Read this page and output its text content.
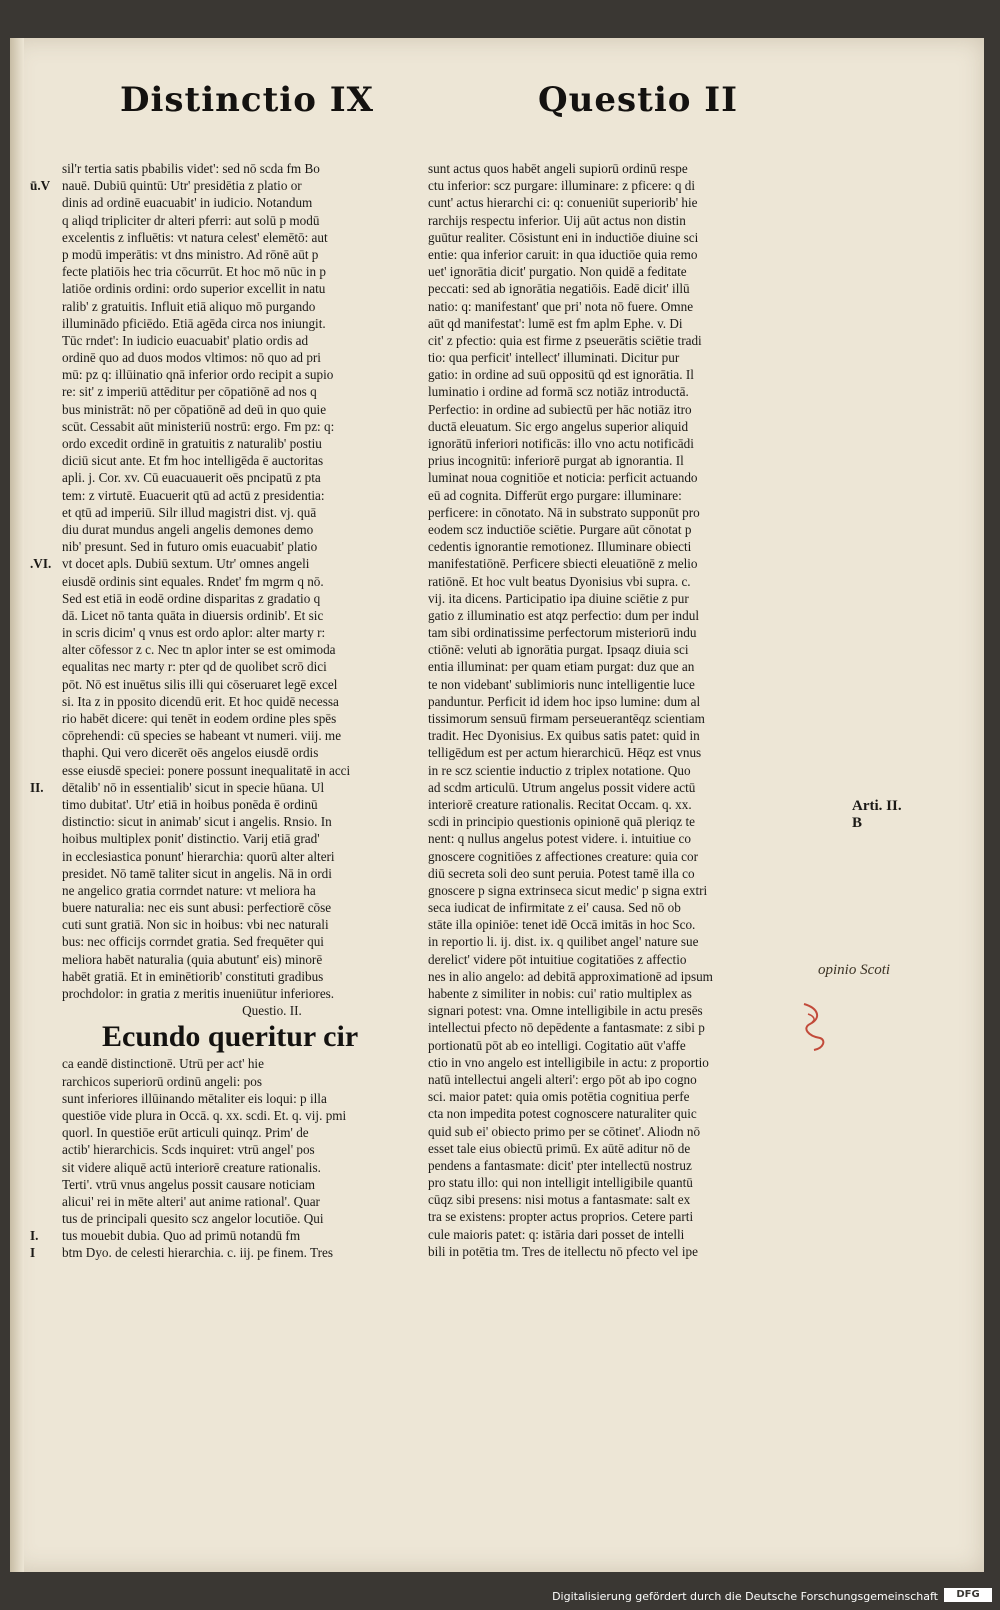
Distinctio IX	Questio II
sil'r tertia satis pbabilis videt': sed nō scda fm Bo
ū.V nauē. Dubiū quintū: Utr' presidētia z platio or
dinis ad ordinē euacuabit' in iudicio. Notandum
q aliqd tripliciter dr alteri pferri: aut solū p modū
excelentis z influētis: vt natura celest' elemētō: aut
p modū imperātis: vt dns ministro. Ad rōnē aūt p
fecte platiōis hec tria cōcurrūt. Et hoc mō nūc in p
latiōe ordinis ordini: ordo superior excellit in natu
ralib' z gratuitis. Influit etiā aliquo mō purgando
illuminādo pficiēdo. Etiā agēda circa nos iniungit.
Tūc rndet': In iudicio euacuabit' platio ordis ad
ordinē quo ad duos modos vltimos: nō quo ad pri
mū: pz q: illūinatio qnā inferior ordo recipit a supio
re: sit' z imperiū attēditur per cōpatiōnē ad nos q
bus ministrāt: nō per cōpatiōnē ad deū in quo quie
scūt. Cessabit aūt ministeriū nostrū: ergo. Fm pz: q:
ordo excedit ordinē in gratuitis z naturalib' postiu
diciū sicut ante. Et fm hoc intelligēda ē auctoritas
apli. j. Cor. xv. Cū euacuauerit oēs pncipatū z pta
tem: z virtutē. Euacuerit qtū ad actū z presidentia:
et qtū ad imperiū. Silr illud magistri dist. vj. quā
diu durat mundus angeli angelis demones demo
nib' presunt. Sed in futuro omis euacuabit' platio
.VI. vt docet apls. Dubiū sextum. Utr' omnes angeli
eiusdē ordinis sint equales. Rndet' fm mgrm q nō.
Sed est etiā in eodē ordine disparitas z gradatio q
dā. Licet nō tanta quāta in diuersis ordinib'. Et sic
in scris dicim' q vnus est ordo aplor: alter marty r:
alter cōfessor z c. Nec tn aplor inter se est omimoda
equalitas nec marty r: pter qd de quolibet scrō dici
pōt. Nō est inuētus silis illi qui cōseruaret legē excel
si. Ita z in pposito dicendū erit. Et hoc quidē necessa
rio habēt dicere: qui tenēt in eodem ordine ples spēs
cōprehendi: cū species se habeant vt numeri. viij. me
thaphi. Qui vero dicerēt oēs angelos eiusdē ordis
esse eiusdē speciei: ponere possunt inequalitatē in acci
II. dētalib' nō in essentialib' sicut in specie hūana. Ul
timo dubitat'. Utr' etiā in hoibus ponēda ē ordinū
distinctio: sicut in animab' sicut i angelis. Rnsio. In
hoibus multiplex ponit' distinctio. Varij etiā grad'
in ecclesiastica ponunt' hierarchia: quorū alter alteri
presidet. Nō tamē taliter sicut in angelis. Nā in ordi
ne angelico gratia corrndet nature: vt meliora ha
buere naturalia: nec eis sunt abusi: perfectiorē cōse
cuti sunt gratiā. Non sic in hoibus: vbi nec naturali
bus: nec officijs corrndet gratia. Sed frequēter qui
meliora habēt naturalia (quia abutunt' eis) minorē
habēt gratiā. Et in eminētiorib' constituti gradibus
prochdolor: in gratia z meritis inueniūtur inferiores.
Questio. II.
Ecundo queritur cir
ca eandē distinctionē. Utrū per act' hie
rarchicos superiorū ordinū angeli: pos
sunt inferiores illūinando mētaliter eis loqui: p illa
questiōe vide plura in Occā. q. xx. scdi. Et. q. vij. pmi
quorl. In questiōe erūt articuli quinqz. Prim' de
actib' hierarchicis. Scds inquiret: vtrū angel' pos
sit videre aliquē actū interiorē creature rationalis.
Terti'. vtrū vnus angelus possit causare noticiam
alicui' rei in mēte alteri' aut anime rational'. Quar
tus de principali quesito scz angelor locutiōe. Qui
I. tus mouebit dubia. Quo ad primū notandū fm
I btm Dyo. de celesti hierarchia. c. iij. pe finem. Tres
sunt actus quos habēt angeli supiorū ordinū respe
ctu inferior: scz purgare: illuminare: z pficere: q di
cunt' actus hierarchi ci: q: conueniūt superiorib' hie
rarchijs respectu inferior. Uij aūt actus non distin
guūtur realiter. Cōsistunt eni in inductiōe diuine sci
entie: qua inferior caruit: in qua iductiōe quia remo
uet' ignorātia dicit' purgatio. Non quidē a feditate
peccati: sed ab ignorātia negatiōis. Eadē dicit' illū
natio: q: manifestant' que pri' nota nō fuere. Omne
aūt qd manifestat': lumē est fm aplm Ephe. v. Di
cit' z pfectio: quia est firme z pseuerātis sciētie tradi
tio: qua perficit' intellect' illuminati. Dicitur pur
gatio: in ordine ad suū oppositū qd est ignorātia. Il
luminatio i ordine ad formā scz notiāz introductā.
Perfectio: in ordine ad subiectū per hāc notiāz itro
ductā eleuatum. Sic ergo angelus superior aliquid
ignorātū inferiori notificās: illo vno actu notificādi
prius incognitū: inferiorē purgat ab ignorantia. Il
luminat noua cognitiōe et noticia: perficit actuando
eū ad cognita. Differūt ergo purgare: illuminare:
perficere: in cōnotato. Nā in substrato supponūt pro
eodem scz inductiōe sciētie. Purgare aūt cōnotat p
cedentis ignorantie remotionez. Illuminare obiecti
manifestatiōnē. Perficere sbiecti eleuatiōnē z melio
ratiōnē. Et hoc vult beatus Dyonisius vbi supra. c.
vij. ita dicens. Participatio ipa diuine sciētie z pur
gatio z illuminatio est atqz perfectio: dum per indul
tam sibi ordinatissime perfectorum misteriorū indu
ctiōnē: veluti ab ignorātia purgat. Ipsaqz diuia sci
entia illuminat: per quam etiam purgat: duz que an
te non videbant' sublimioris nunc intelligentie luce
panduntur. Perficit id idem hoc ipso lumine: dum al
tissimorum sensuū firmam perseuerantēqz scientiam
tradit. Hec Dyonisius. Ex quibus satis patet: quid in
telligēdum est per actum hierarchicū. Hēqz est vnus
in re scz scientie inductio z triplex notatione. Quo
ad scdm articulū. Utrum angelus possit videre actū
interiorē creature rationalis. Recitat Occam. q. xx.
scdi in principio questionis opinionē quā pleriqz te
nent: q nullus angelus potest videre. i. intuitiue co
gnoscere cognitiōes z affectiones creature: quia cor
diū secreta soli deo sunt peruia. Potest tamē illa co
gnoscere p signa extrinseca sicut medic' p signa extri
seca iudicat de infirmitate z ei' causa. Sed nō ob
stāte illa opiniōe: tenet idē Occā imitās in hoc Sco.
in reportio li. ij. dist. ix. q quilibet angel' nature sue
derelict' videre pōt intuitiue cogitatiōes z affectio
nes in alio angelo: ad debitā approximationē ad ipsum
habente z similiter in nobis: cui' ratio multiplex as
signari potest: vna. Omne intelligibile in actu presēs
intellectui pfecto nō depēdente a fantasmate: z sibi p
portionatū pōt ab eo intelligi. Cogitatio aūt v'affe
ctio in vno angelo est intelligibile in actu: z proportio
natū intellectui angeli alteri': ergo pōt ab ipo cogno
sci. maior patet: quia omis potētia cognitiua perfe
cta non impedita potest cognoscere naturaliter quic
quid sub ei' obiecto primo per se cōtinet'. Aliodn nō
esset tale eius obiectū primū. Ex aūtē aditur nō de
pendens a fantasmate: dicit' pter intellectū nostruz
pro statu illo: qui non intelligit intelligibile quantū
cūqz sibi presens: nisi motus a fantasmate: salt ex
tra se existens: propter actus proprios. Cetere parti
cule maioris patet: q: istāria dari posset de intelli
bili in potētia tm. Tres de itellectu nō pfecto vel ipe
Arti. II.
B
opinio Scoti
Digitalisierung gefördert durch die Deutsche Forschungsgemeinschaft	DFG
